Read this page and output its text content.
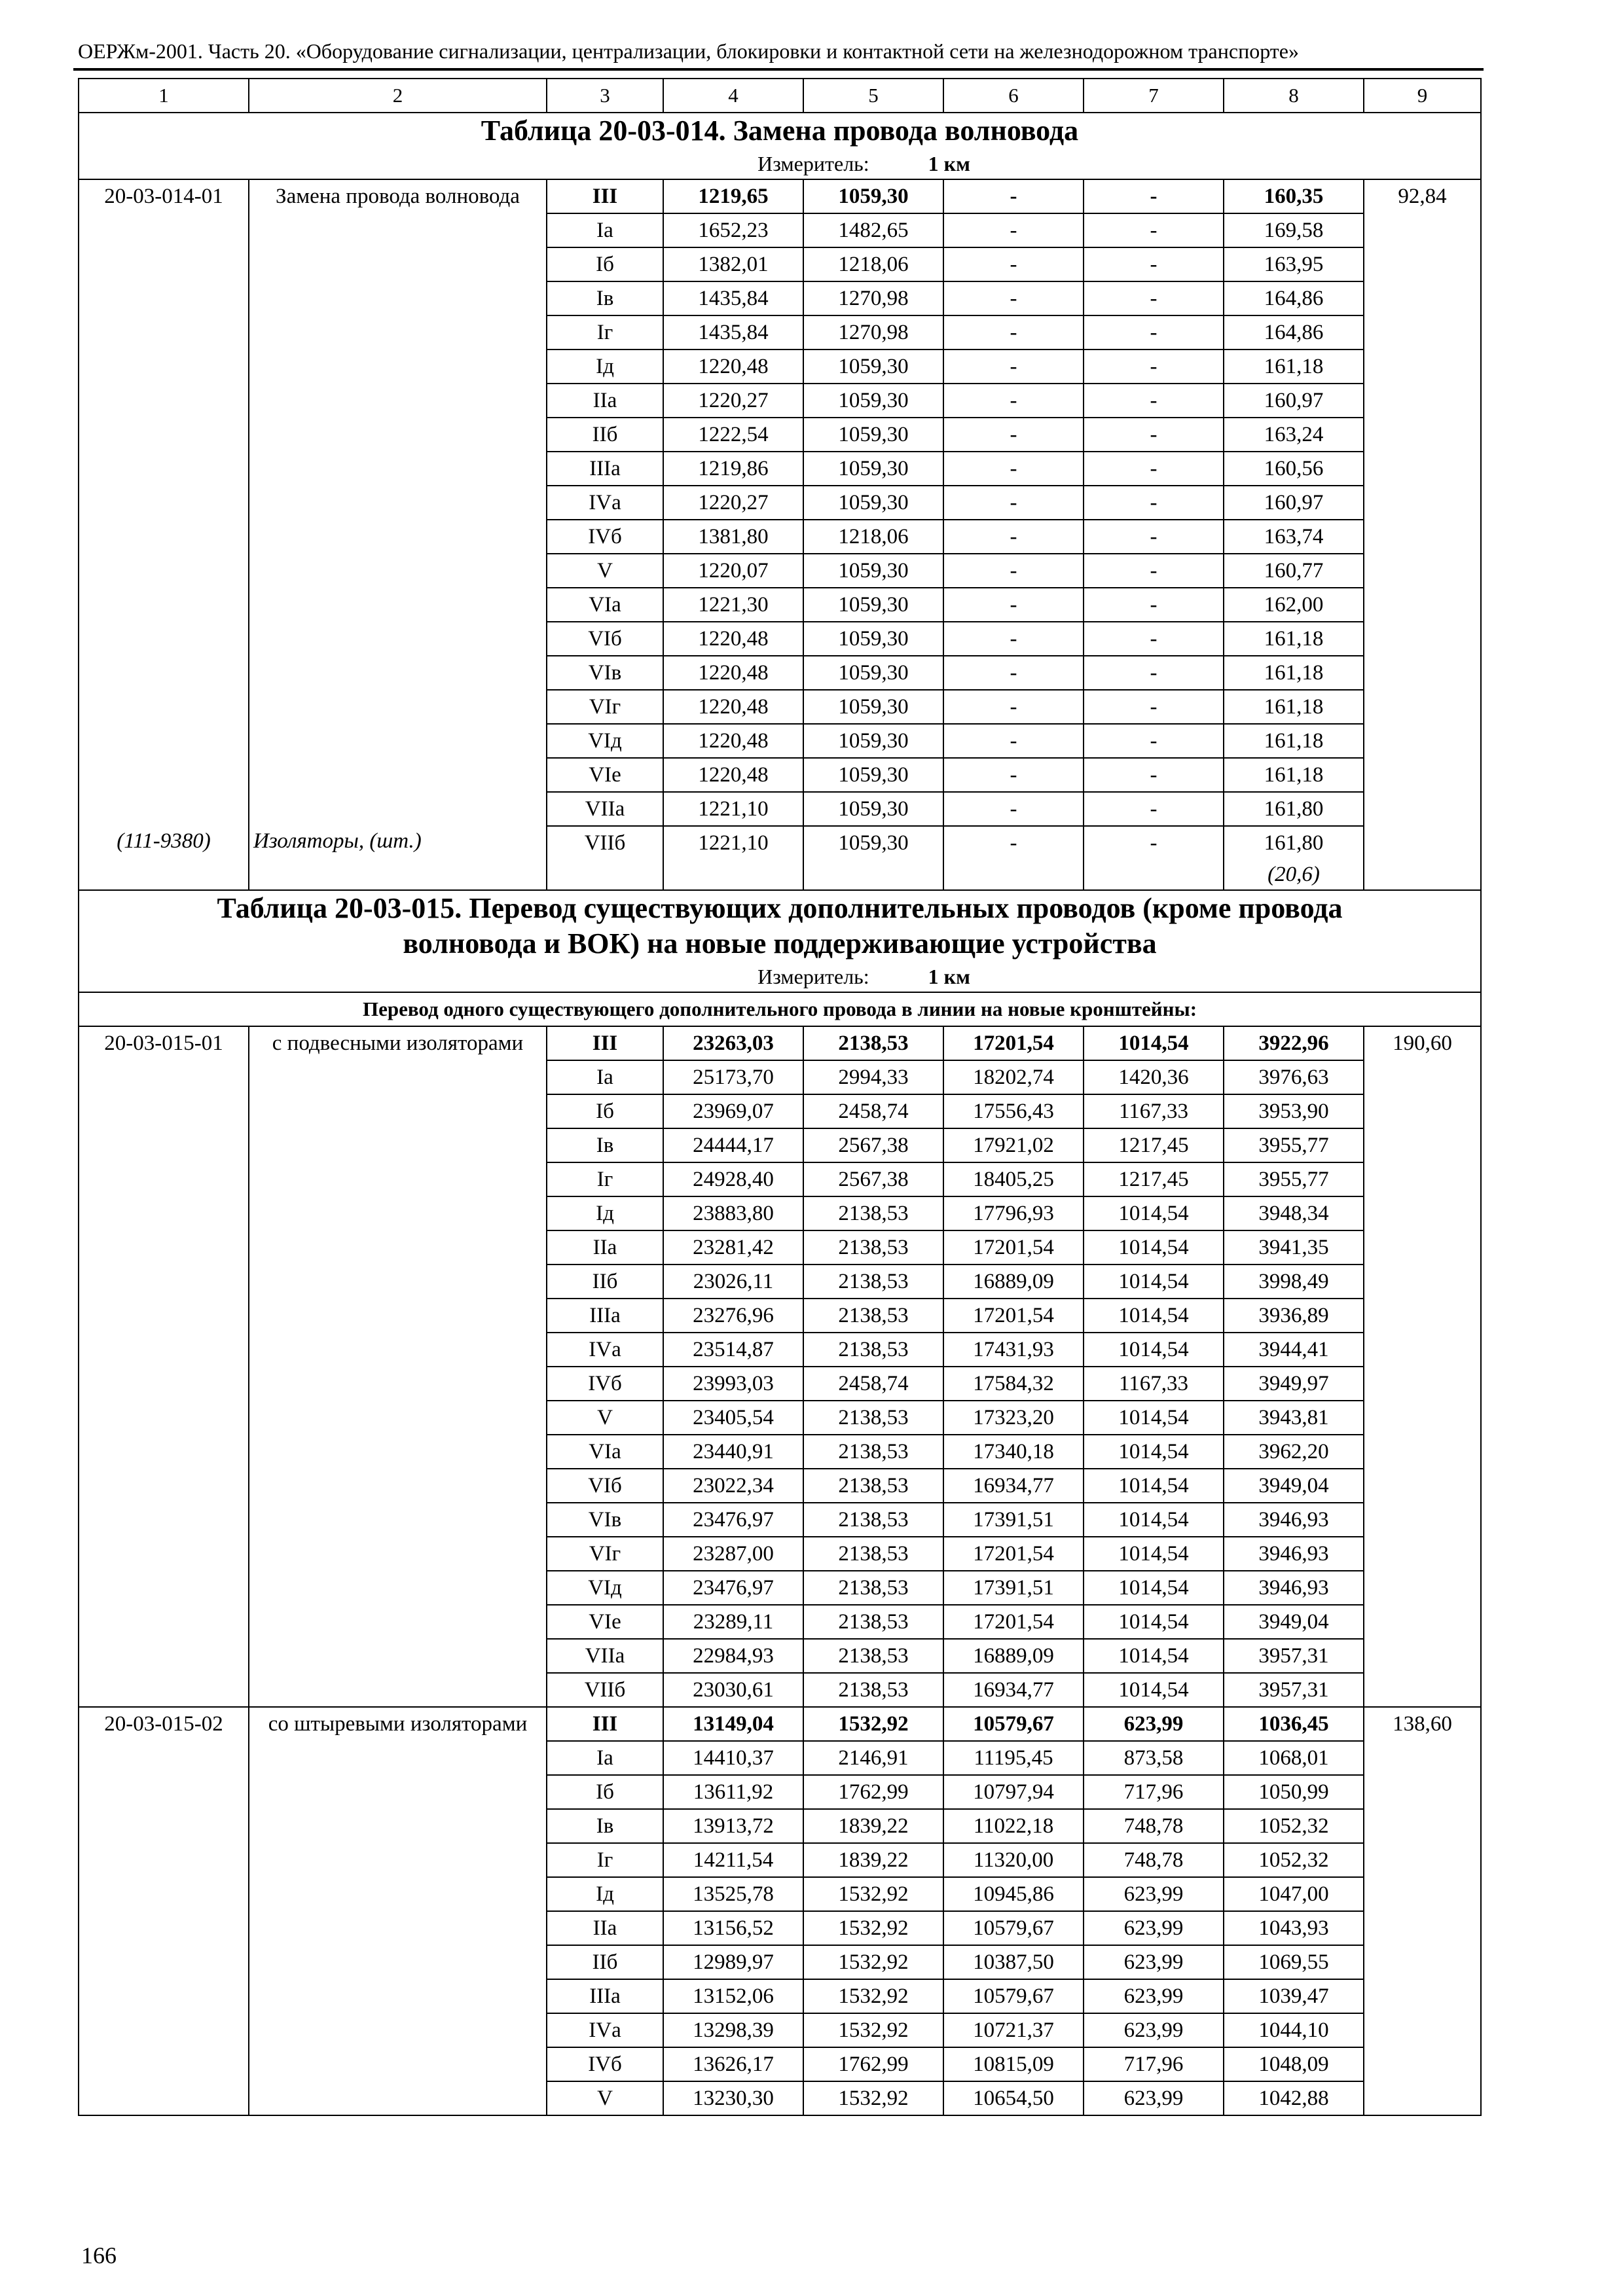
ОЕРЖм-2001. Часть 20. «Оборудование сигнализации, централизации, блокировки и контактной сети на железнодорожном транспорте»
1	2	3	4	5	6	7	8	9

Таблица 20-03-014. Замена провода волновода
Измеритель: 1 км								

20-03-014-01	Замена провода волновода	III	1219,65	1059,30	-	-	160,35	92,84

		Iа	1652,23	1482,65	-	-	169,58	

		Iб	1382,01	1218,06	-	-	163,95	

		Iв	1435,84	1270,98	-	-	164,86	

		Iг	1435,84	1270,98	-	-	164,86	

		Iд	1220,48	1059,30	-	-	161,18	

		IIа	1220,27	1059,30	-	-	160,97	

		IIб	1222,54	1059,30	-	-	163,24	

		IIIа	1219,86	1059,30	-	-	160,56	

		IVа	1220,27	1059,30	-	-	160,97	

		IVб	1381,80	1218,06	-	-	163,74	

		V	1220,07	1059,30	-	-	160,77	

		VIа	1221,30	1059,30	-	-	162,00	

		VIб	1220,48	1059,30	-	-	161,18	

		VIв	1220,48	1059,30	-	-	161,18	

		VIг	1220,48	1059,30	-	-	161,18	

		VIд	1220,48	1059,30	-	-	161,18	

		VIе	1220,48	1059,30	-	-	161,18	

		VIIа	1221,10	1059,30	-	-	161,80	

(111-9380)	Изоляторы, (шт.)	VIIб	1221,10	1059,30	-	-	161,80
(20,6)	

Таблица 20-03-015. Перевод существующих дополнительных проводов (кроме провода
волновода и ВОК) на новые поддерживающие устройства
Измеритель: 1 км								

Перевод одного существующего дополнительного провода в линии на новые кронштейны:								

20-03-015-01	с подвесными изоляторами	III	23263,03	2138,53	17201,54	1014,54	3922,96	190,60

		Iа	25173,70	2994,33	18202,74	1420,36	3976,63	

		Iб	23969,07	2458,74	17556,43	1167,33	3953,90	

		Iв	24444,17	2567,38	17921,02	1217,45	3955,77	

		Iг	24928,40	2567,38	18405,25	1217,45	3955,77	

		Iд	23883,80	2138,53	17796,93	1014,54	3948,34	

		IIа	23281,42	2138,53	17201,54	1014,54	3941,35	

		IIб	23026,11	2138,53	16889,09	1014,54	3998,49	

		IIIа	23276,96	2138,53	17201,54	1014,54	3936,89	

		IVа	23514,87	2138,53	17431,93	1014,54	3944,41	

		IVб	23993,03	2458,74	17584,32	1167,33	3949,97	

		V	23405,54	2138,53	17323,20	1014,54	3943,81	

		VIа	23440,91	2138,53	17340,18	1014,54	3962,20	

		VIб	23022,34	2138,53	16934,77	1014,54	3949,04	

		VIв	23476,97	2138,53	17391,51	1014,54	3946,93	

		VIг	23287,00	2138,53	17201,54	1014,54	3946,93	

		VIд	23476,97	2138,53	17391,51	1014,54	3946,93	

		VIе	23289,11	2138,53	17201,54	1014,54	3949,04	

		VIIа	22984,93	2138,53	16889,09	1014,54	3957,31	

		VIIб	23030,61	2138,53	16934,77	1014,54	3957,31	

20-03-015-02	со штыревыми изоляторами	III	13149,04	1532,92	10579,67	623,99	1036,45	138,60

		Iа	14410,37	2146,91	11195,45	873,58	1068,01	

		Iб	13611,92	1762,99	10797,94	717,96	1050,99	

		Iв	13913,72	1839,22	11022,18	748,78	1052,32	

		Iг	14211,54	1839,22	11320,00	748,78	1052,32	

		Iд	13525,78	1532,92	10945,86	623,99	1047,00	

		IIа	13156,52	1532,92	10579,67	623,99	1043,93	

		IIб	12989,97	1532,92	10387,50	623,99	1069,55	

		IIIа	13152,06	1532,92	10579,67	623,99	1039,47	

		IVа	13298,39	1532,92	10721,37	623,99	1044,10	

		IVб	13626,17	1762,99	10815,09	717,96	1048,09	

		V	13230,30	1532,92	10654,50	623,99	1042,88	
166
